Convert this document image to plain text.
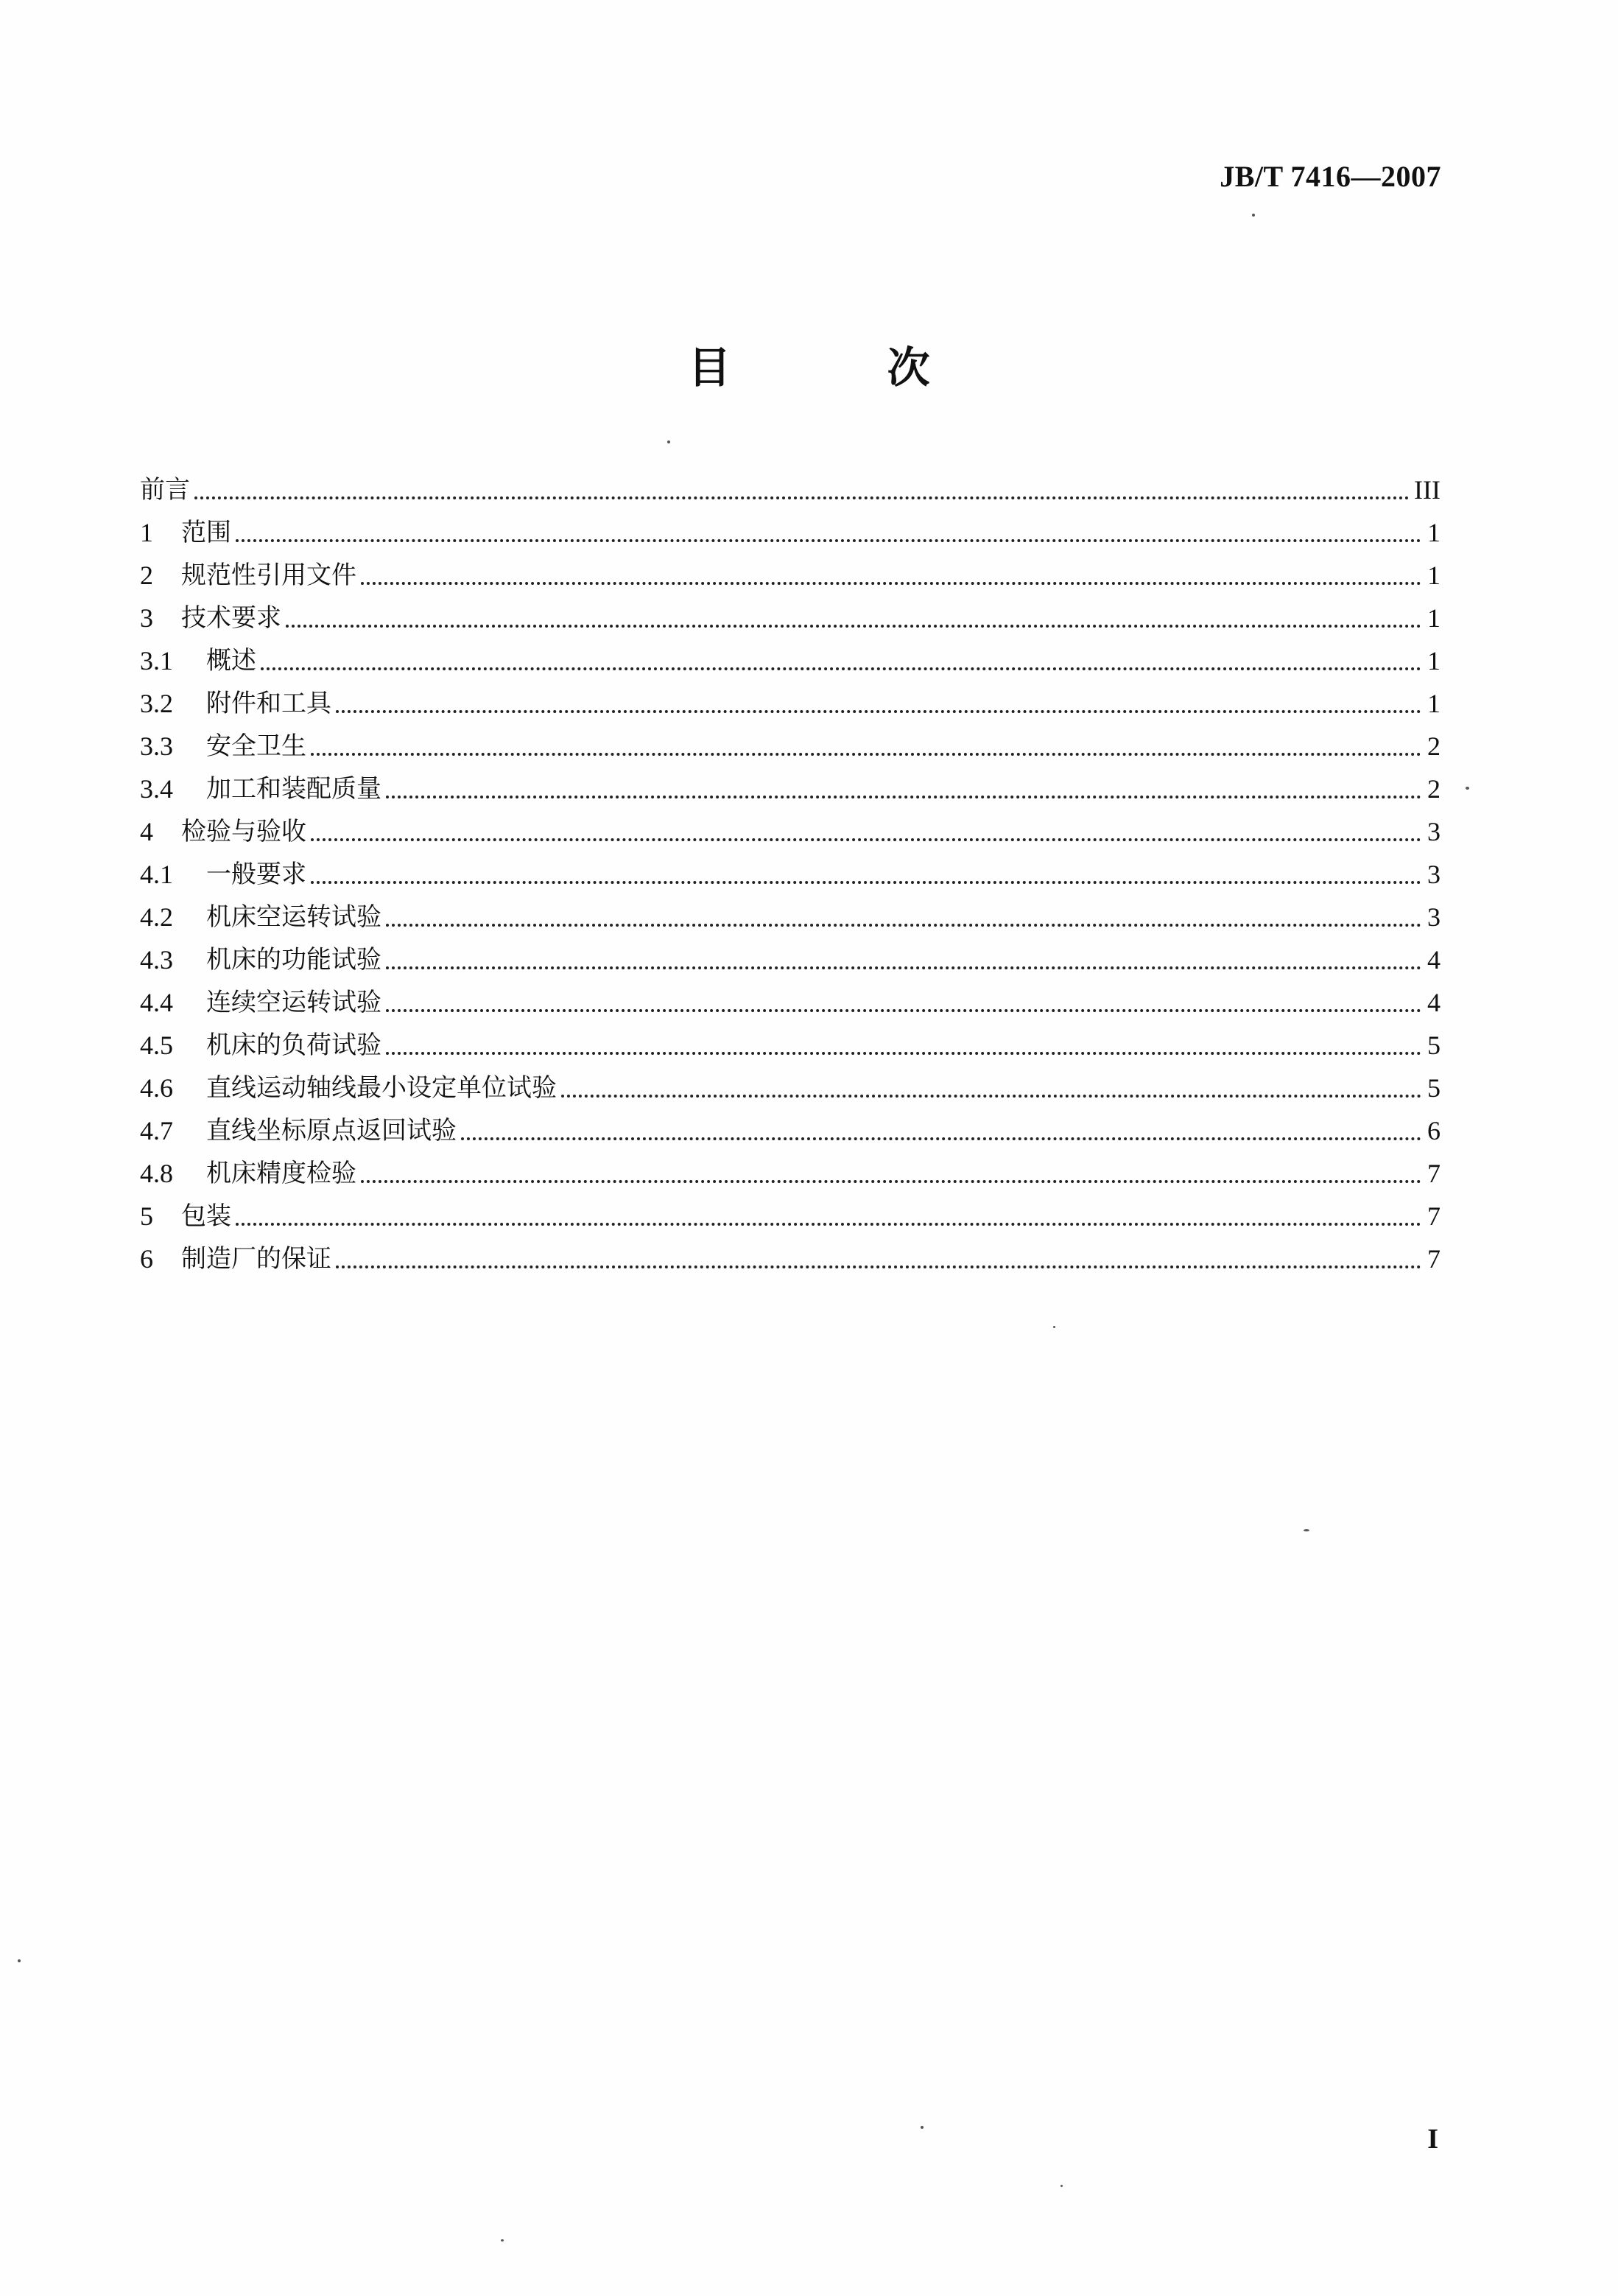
JB/T 7416—2007
目 次
前言	III
1	范围	1
2	规范性引用文件	1
3	技术要求	1
3.1	概述	1
3.2	附件和工具	1
3.3	安全卫生	2
3.4	加工和装配质量	2
4	检验与验收	3
4.1	一般要求	3
4.2	机床空运转试验	3
4.3	机床的功能试验	4
4.4	连续空运转试验	4
4.5	机床的负荷试验	5
4.6	直线运动轴线最小设定单位试验	5
4.7	直线坐标原点返回试验	6
4.8	机床精度检验	7
5	包装	7
6	制造厂的保证	7
I
